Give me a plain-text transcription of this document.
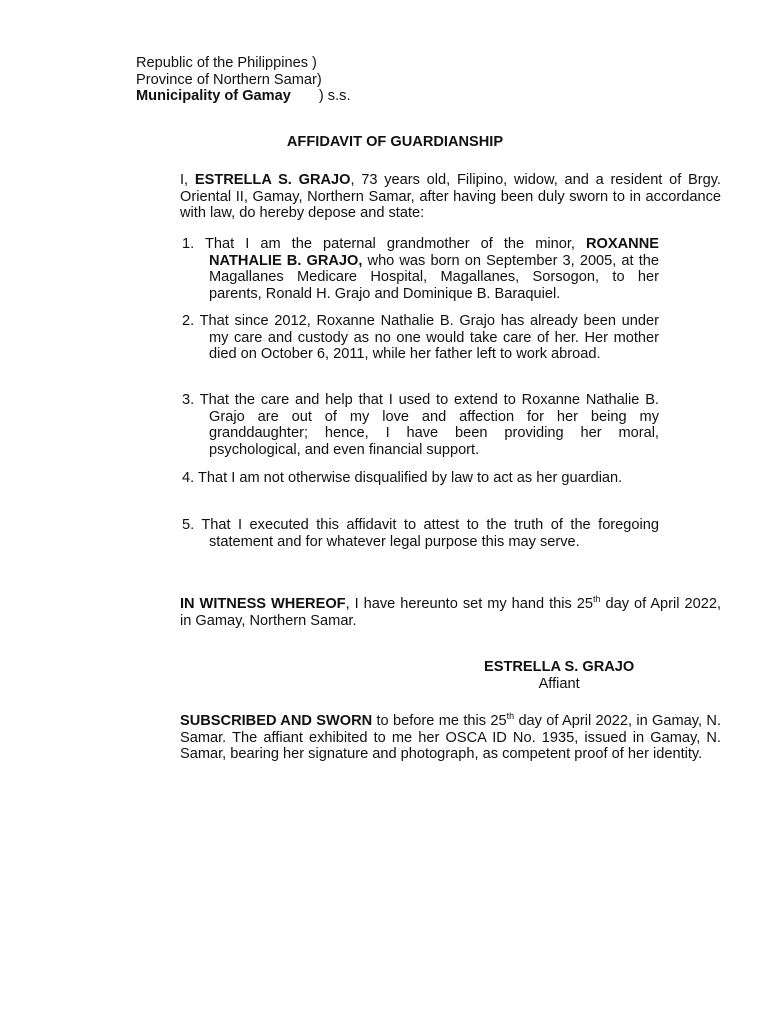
Republic of the Philippines )
Province of Northern Samar)
Municipality of Gamay ) s.s.
AFFIDAVIT OF GUARDIANSHIP
I, ESTRELLA S. GRAJO, 73 years old, Filipino, widow, and a resident of Brgy. Oriental II, Gamay, Northern Samar, after having been duly sworn to in accordance with law, do hereby depose and state:
1. That I am the paternal grandmother of the minor, ROXANNE NATHALIE B. GRAJO, who was born on September 3, 2005, at the Magallanes Medicare Hospital, Magallanes, Sorsogon, to her parents, Ronald H. Grajo and Dominique B. Baraquiel.
2. That since 2012, Roxanne Nathalie B. Grajo has already been under my care and custody as no one would take care of her. Her mother died on October 6, 2011, while her father left to work abroad.
3. That the care and help that I used to extend to Roxanne Nathalie B. Grajo are out of my love and affection for her being my granddaughter; hence, I have been providing her moral, psychological, and even financial support.
4. That I am not otherwise disqualified by law to act as her guardian.
5. That I executed this affidavit to attest to the truth of the foregoing statement and for whatever legal purpose this may serve.
IN WITNESS WHEREOF, I have hereunto set my hand this 25th day of April 2022, in Gamay, Northern Samar.
ESTRELLA S. GRAJO
Affiant
SUBSCRIBED AND SWORN to before me this 25th day of April 2022, in Gamay, N. Samar. The affiant exhibited to me her OSCA ID No. 1935, issued in Gamay, N. Samar, bearing her signature and photograph, as competent proof of her identity.
